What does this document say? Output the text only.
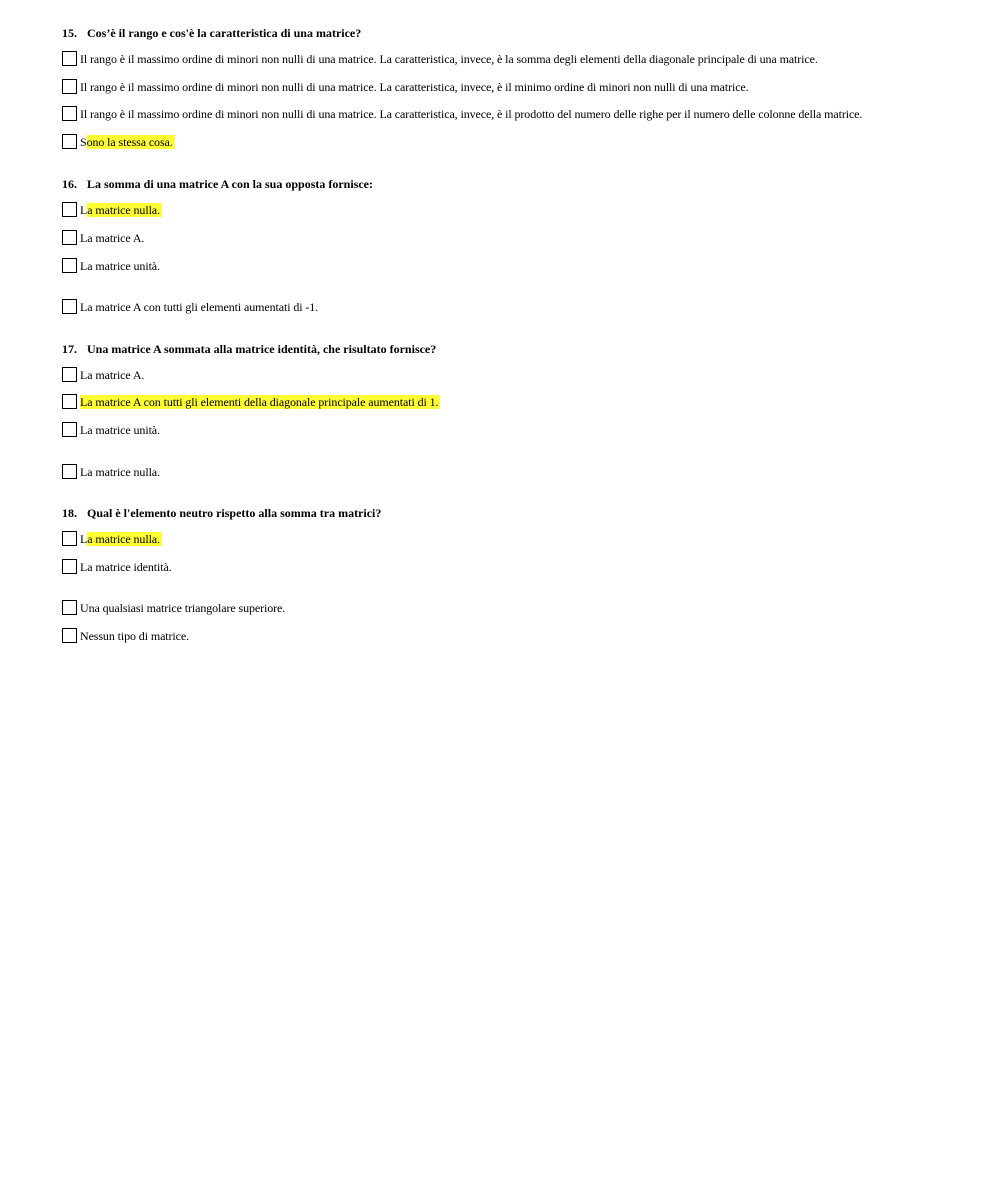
15. Cos’è il rango e cos'è la caratteristica di una matrice?
Il rango è il massimo ordine di minori non nulli di una matrice. La caratteristica, invece, è la somma degli elementi della diagonale principale di una matrice.
Il rango è il massimo ordine di minori non nulli di una matrice. La caratteristica, invece, è il minimo ordine di minori non nulli di una matrice.
Il rango è il massimo ordine di minori non nulli di una matrice. La caratteristica, invece, è il prodotto del numero delle righe per il numero delle colonne della matrice.
Sono la stessa cosa.
16. La somma di una matrice A con la sua opposta fornisce:
La matrice nulla.
La matrice A.
La matrice unità.
La matrice A con tutti gli elementi aumentati di -1.
17. Una matrice A sommata alla matrice identità, che risultato fornisce?
La matrice A.
La matrice A con tutti gli elementi della diagonale principale aumentati di 1.
La matrice unità.
La matrice nulla.
18. Qual è l'elemento neutro rispetto alla somma tra matrici?
La matrice nulla.
La matrice identità.
Una qualsiasi matrice triangolare superiore.
Nessun tipo di matrice.
